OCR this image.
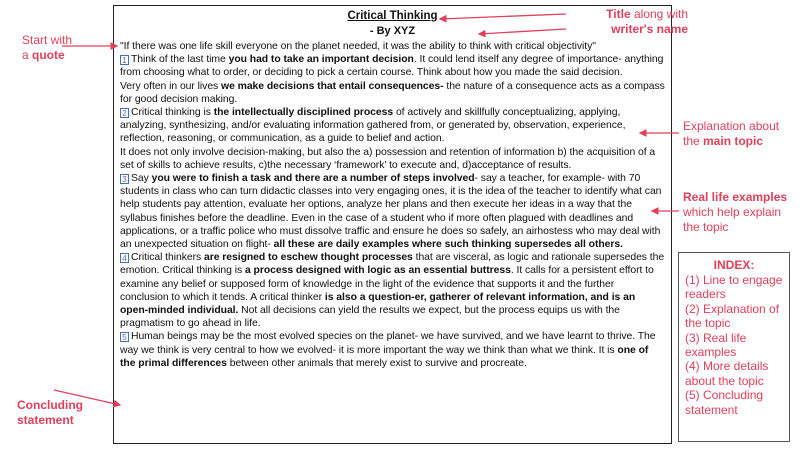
Critical Thinking
- By XYZ

"If there was one life skill everyone on the planet needed, it was the ability to think with critical objectivity"

1 Think of the last time you had to take an important decision. It could lend itself any degree of importance- anything from choosing what to order, or deciding to pick a certain course. Think about how you made the said decision.

Very often in our lives we make decisions that entail consequences- the nature of a consequence acts as a compass for good decision making.

2 Critical thinking is the intellectually disciplined process of actively and skillfully conceptualizing, applying, analyzing, synthesizing, and/or evaluating information gathered from, or generated by, observation, experience, reflection, reasoning, or communication, as a guide to belief and action.

It does not only involve decision-making, but also the a) possession and retention of information b) the acquisition of a set of skills to achieve results, c)the necessary ‘framework’ to execute and, d)acceptance of results.

3 Say you were to finish a task and there are a number of steps involved- say a teacher, for example- with 70 students in class who can turn didactic classes into very engaging ones, it is the idea of the teacher to identify what can help students pay attention, evaluate her options, analyze her plans and then execute her ideas in a way that the syllabus finishes before the deadline. Even in the case of a student who if more often plagued with deadlines and applications, or a traffic police who must dissolve traffic and ensure he does so safely, an airhostess who may deal with an unexpected situation on flight- all these are daily examples where such thinking supersedes all others.

4 Critical thinkers are resigned to eschew thought processes that are visceral, as logic and rationale supersedes the emotion. Critical thinking is a process designed with logic as an essential buttress. It calls for a persistent effort to examine any belief or supposed form of knowledge in the light of the evidence that supports it and the further conclusion to which it tends. A critical thinker is also a question-er, gatherer of relevant information, and is an open-minded individual. Not all decisions can yield the results we expect, but the process equips us with the pragmatism to go ahead in life.

5 Human beings may be the most evolved species on the planet- we have survived, and we have learnt to thrive. The way we think is very central to how we evolved- it is more important the way we think than what we think. It is one of the primal differences between other animals that merely exist to survive and procreate.

Title along with
writer's name
Start with
a quote
Explanation about
the main topic
Real life examples
which help explain
the topic
Concluding
statement
INDEX:
(1) Line to engage readers
(2) Explanation of the topic
(3) Real life examples
(4) More details about the topic
(5) Concluding statement
